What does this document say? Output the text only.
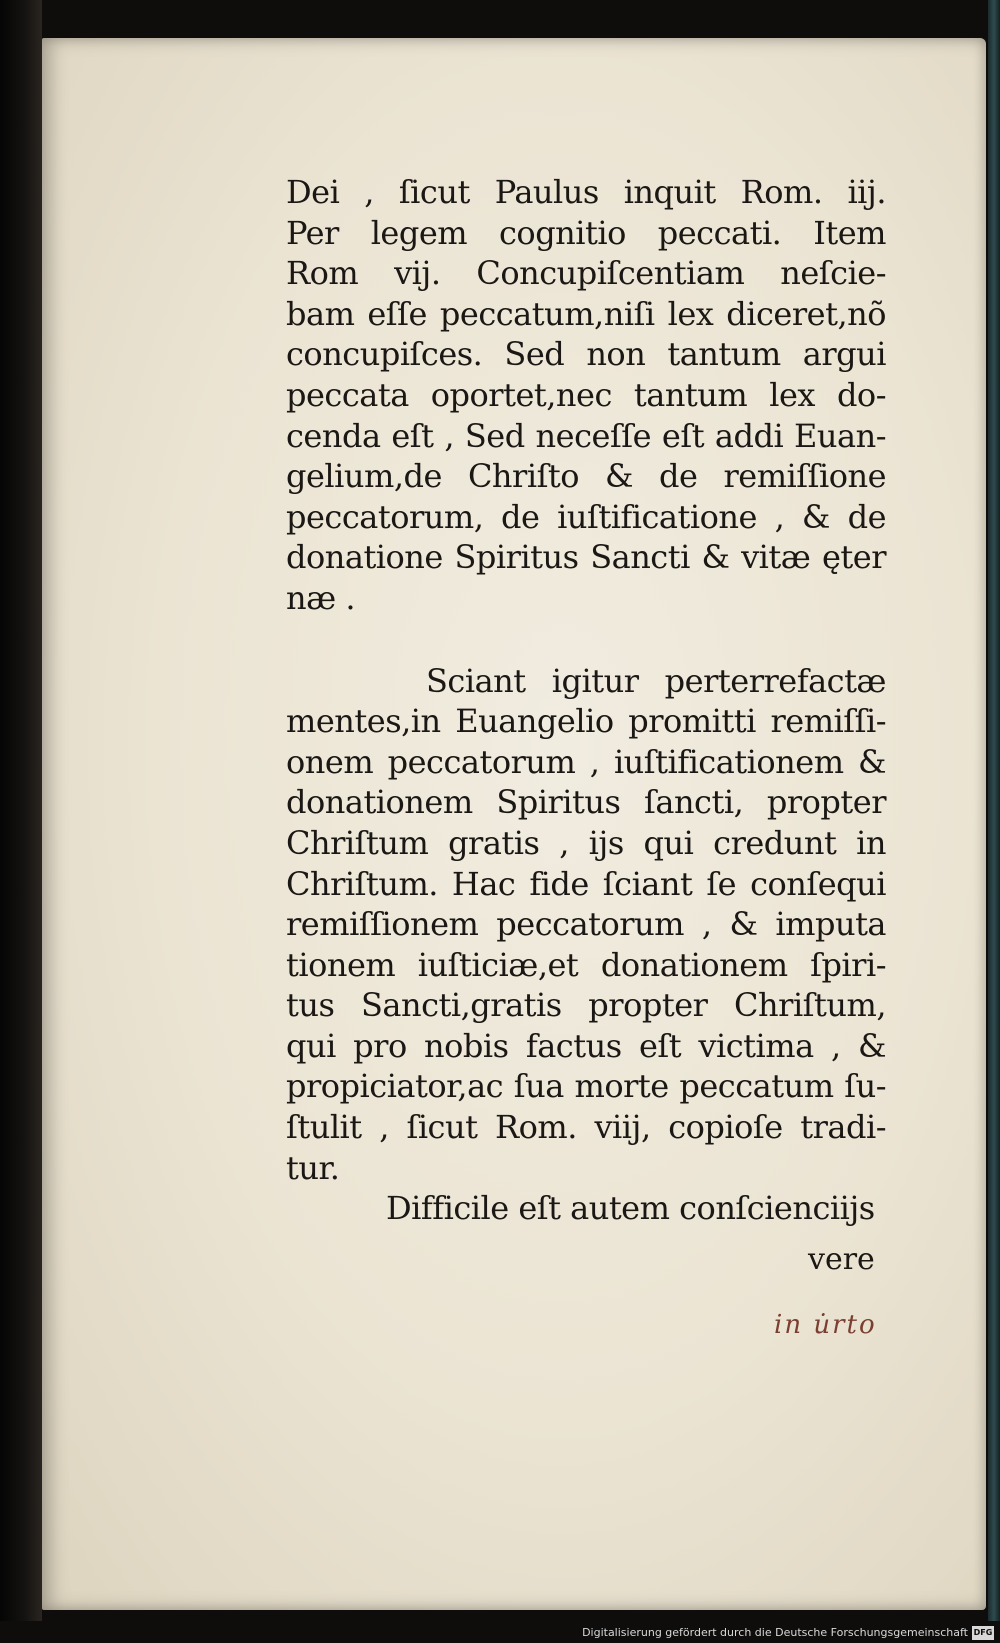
Dei , ſicut Paulus inquit Rom. iij.
Per legem cognitio peccati. Item
Rom vij. Concupiſcentiam neſcie-
bam eſſe peccatum,niſi lex diceret,nõ
concupiſces. Sed non tantum argui
peccata oportet,nec tantum lex do-
cenda eſt , Sed neceſſe eſt addi Euan-
gelium,de Chriſto & de remiſſione
peccatorum, de iuſtificatione , & de
donatione Spiritus Sancti & vitæ ęter
næ .
Sciant igitur perterrefactæ
mentes,in Euangelio promitti remiſſi-
onem peccatorum , iuſtificationem &
donationem Spiritus ſancti, propter
Chriſtum gratis , ijs qui credunt in
Chriſtum. Hac fide ſciant ſe conſequi
remiſſionem peccatorum , & imputa
tionem iuſticiæ,et donationem ſpiri-
tus Sancti,gratis propter Chriſtum,
qui pro nobis factus eſt victima , &
propiciator,ac ſua morte peccatum ſu-
ſtulit , ſicut Rom. viij, copioſe tradi-
tur.
Difficile eſt autem conſcienciijs
vere
in u̇rto
Digitalisierung gefördert durch die Deutsche Forschungsgemeinschaft DFG
